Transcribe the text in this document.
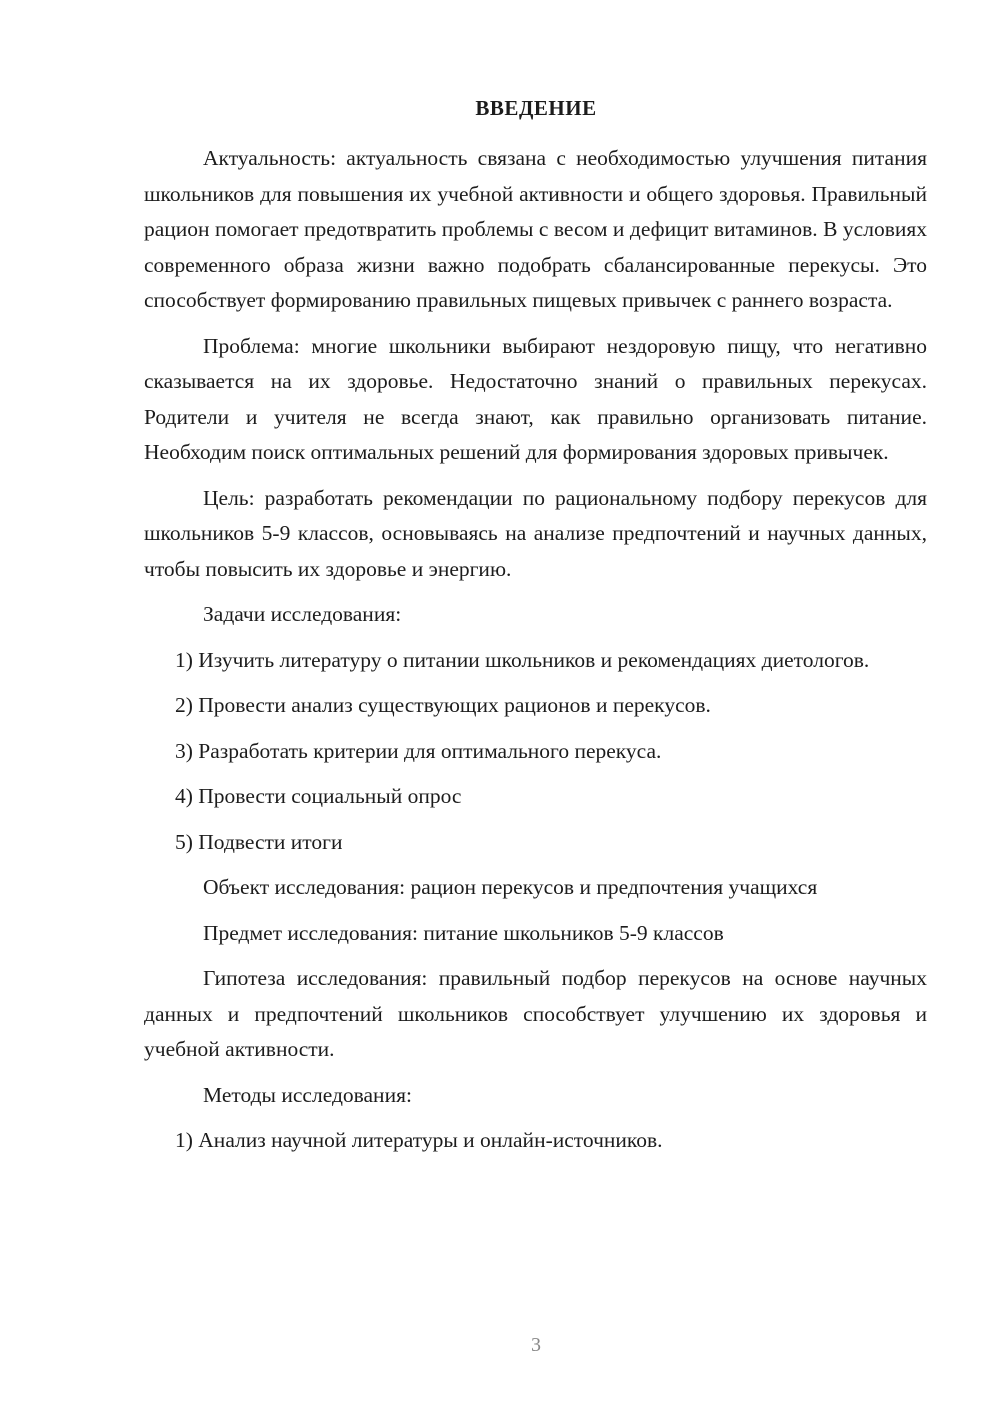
ВВЕДЕНИЕ

Актуальность: актуальность связана с необходимостью улучшения питания школьников для повышения их учебной активности и общего здоровья. Правильный рацион помогает предотвратить проблемы с весом и дефицит витаминов. В условиях современного образа жизни важно подобрать сбалансированные перекусы. Это способствует формированию правильных пищевых привычек с раннего возраста.

Проблема: многие школьники выбирают нездоровую пищу, что негативно сказывается на их здоровье. Недостаточно знаний о правильных перекусах. Родители и учителя не всегда знают, как правильно организовать питание. Необходим поиск оптимальных решений для формирования здоровых привычек.

Цель: разработать рекомендации по рациональному подбору перекусов для школьников 5-9 классов, основываясь на анализе предпочтений и научных данных, чтобы повысить их здоровье и энергию.

Задачи исследования:

1) Изучить литературу о питании школьников и рекомендациях диетологов.

2) Провести анализ существующих рационов и перекусов.

3) Разработать критерии для оптимального перекуса.

4) Провести социальный опрос

5) Подвести итоги

Объект исследования: рацион перекусов и предпочтения учащихся

Предмет исследования: питание школьников 5-9 классов

Гипотеза исследования: правильный подбор перекусов на основе научных данных и предпочтений школьников способствует улучшению их здоровья и учебной активности.

Методы исследования:

1) Анализ научной литературы и онлайн-источников.

3
